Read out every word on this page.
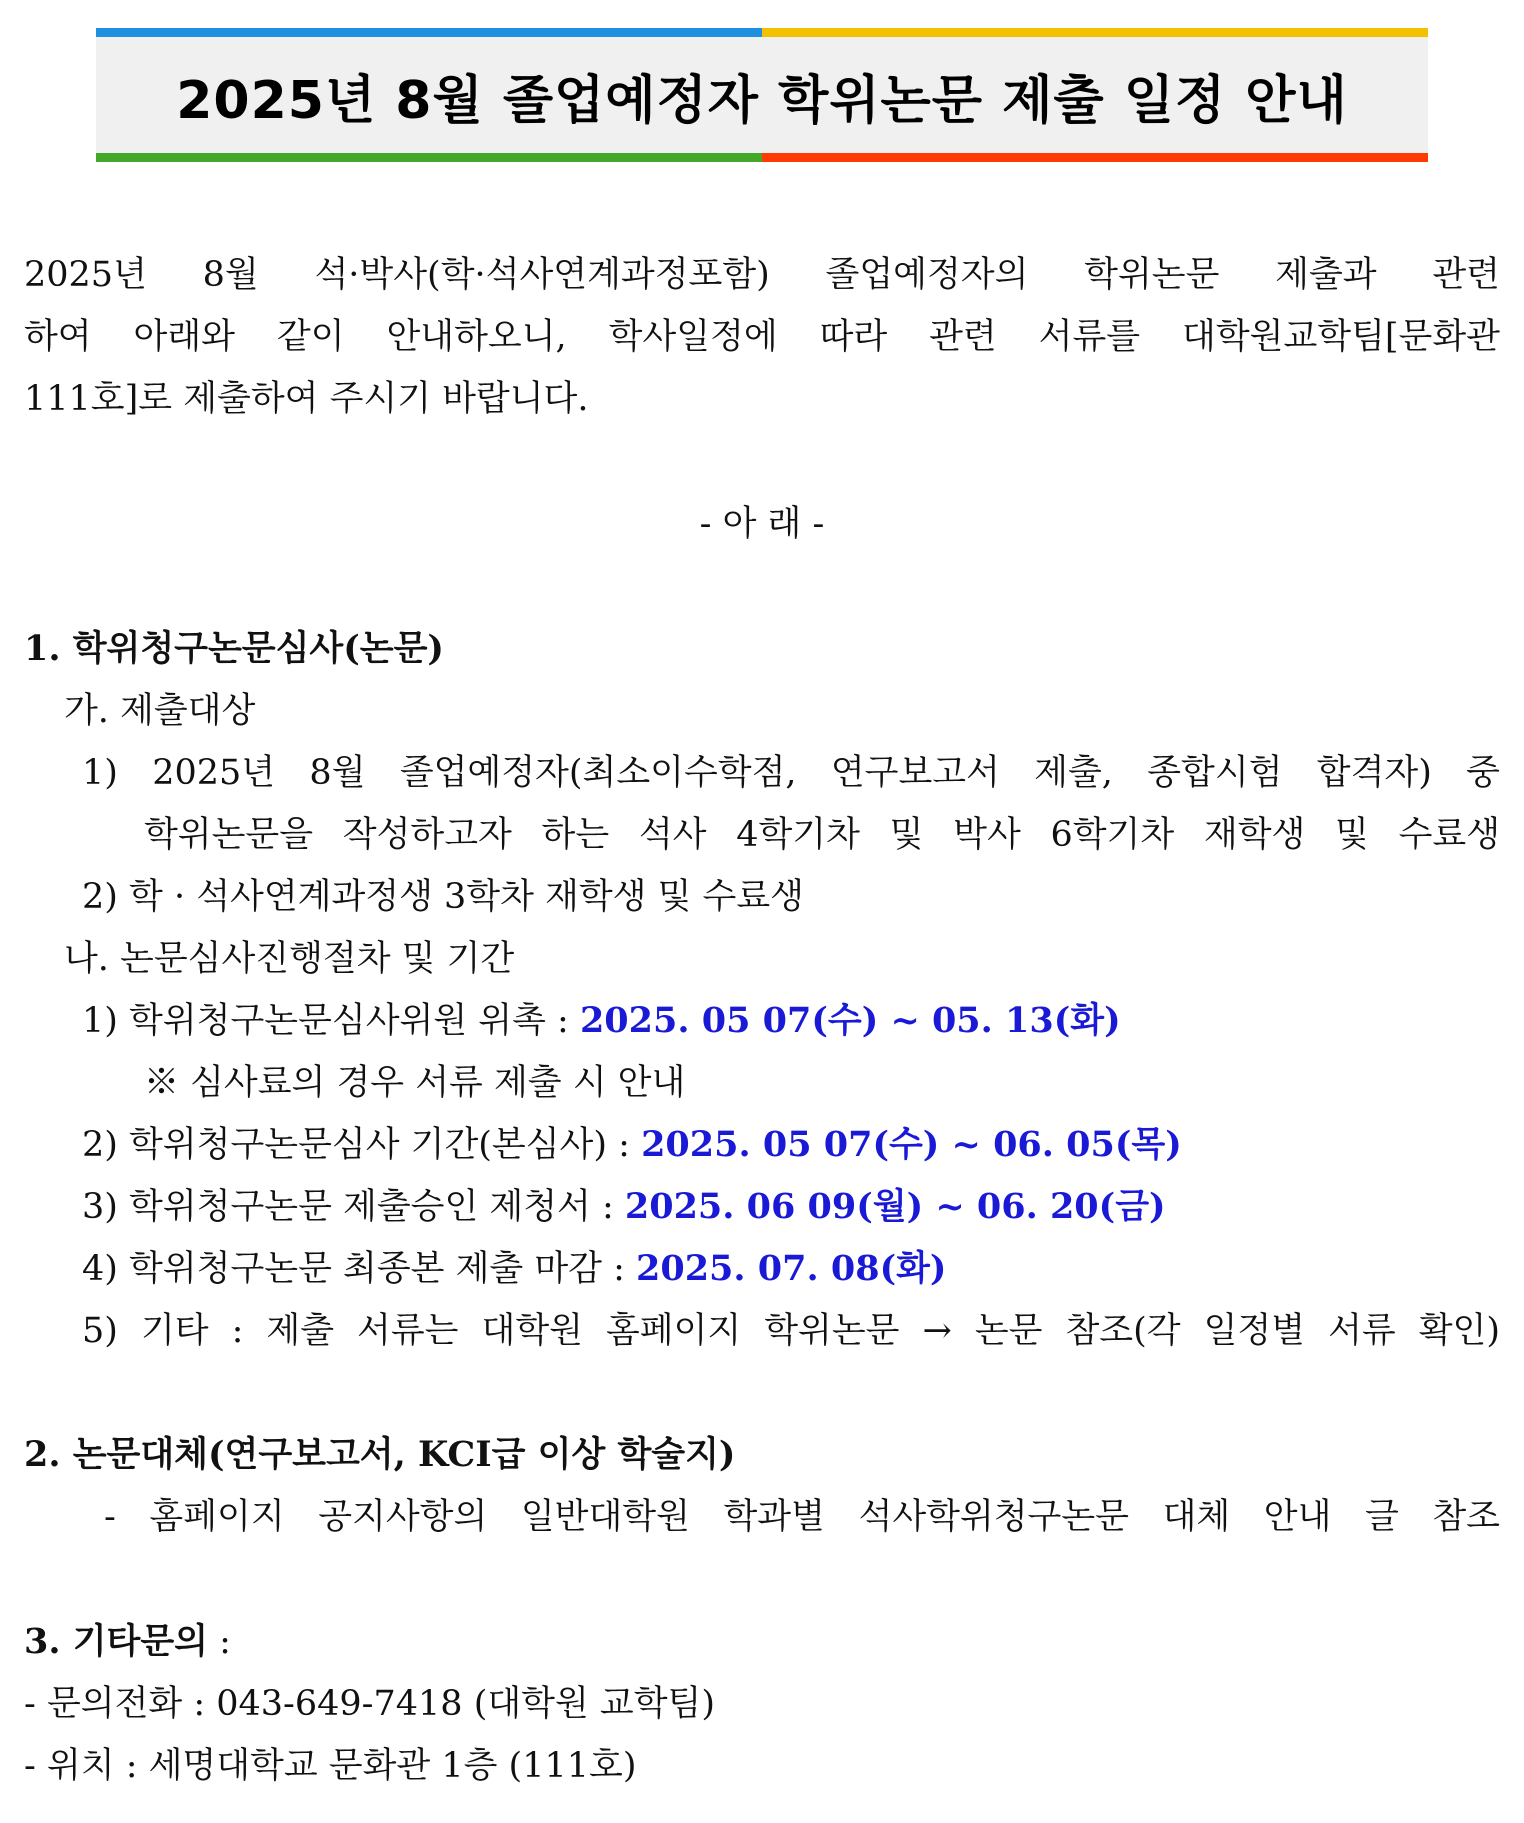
2025년 8월 졸업예정자 학위논문 제출 일정 안내
2025년 8월 석·박사(학·석사연계과정포함) 졸업예정자의 학위논문 제출과 관련
하여 아래와 같이 안내하오니, 학사일정에 따라 관련 서류를 대학원교학팀[문화관
111호]로 제출하여 주시기 바랍니다.
- 아 래 -
1. 학위청구논문심사(논문)
가. 제출대상
1) 2025년 8월 졸업예정자(최소이수학점, 연구보고서 제출, 종합시험 합격자) 중
학위논문을 작성하고자 하는 석사 4학기차 및 박사 6학기차 재학생 및 수료생
2) 학 · 석사연계과정생 3학차 재학생 및 수료생
나. 논문심사진행절차 및 기간
1) 학위청구논문심사위원 위촉 : 2025. 05 07(수) ~ 05. 13(화)
※ 심사료의 경우 서류 제출 시 안내
2) 학위청구논문심사 기간(본심사) : 2025. 05 07(수) ~ 06. 05(목)
3) 학위청구논문 제출승인 제청서 : 2025. 06 09(월) ~ 06. 20(금)
4) 학위청구논문 최종본 제출 마감 : 2025. 07. 08(화)
5) 기타 : 제출 서류는 대학원 홈페이지 학위논문 → 논문 참조(각 일정별 서류 확인)
2. 논문대체(연구보고서, KCI급 이상 학술지)
- 홈페이지 공지사항의 일반대학원 학과별 석사학위청구논문 대체 안내 글 참조
3. 기타문의 :
- 문의전화 : 043-649-7418 (대학원 교학팀)
- 위치 : 세명대학교 문화관 1층 (111호)
